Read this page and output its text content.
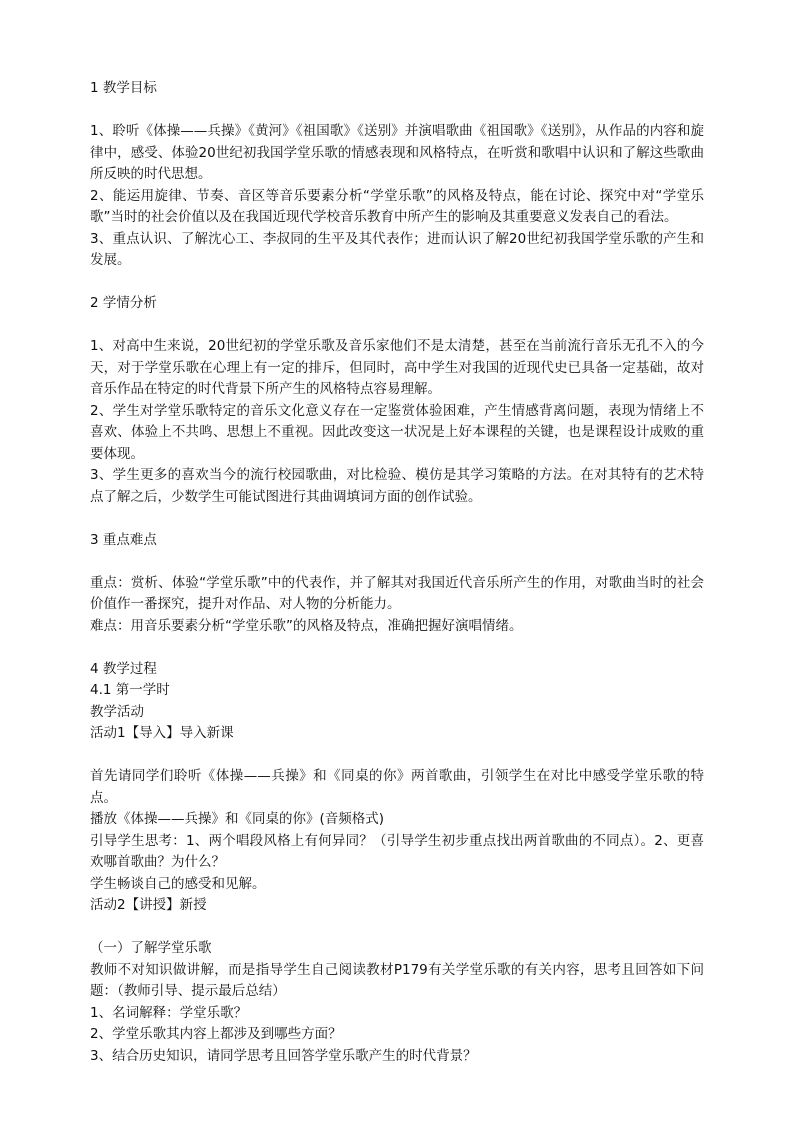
1 教学目标
1、聆听《体操——兵操》《黄河》《祖国歌》《送别》并演唱歌曲《祖国歌》《送别》，从作品的内容和旋律中，感受、体验20世纪初我国学堂乐歌的情感表现和风格特点，在听赏和歌唱中认识和了解这些歌曲所反映的时代思想。
2、能运用旋律、节奏、音区等音乐要素分析“学堂乐歌”的风格及特点，能在讨论、探究中对“学堂乐歌”当时的社会价值以及在我国近现代学校音乐教育中所产生的影响及其重要意义发表自己的看法。
3、重点认识、了解沈心工、李叔同的生平及其代表作；进而认识了解20世纪初我国学堂乐歌的产生和发展。
2 学情分析
1、对高中生来说，20世纪初的学堂乐歌及音乐家他们不是太清楚，甚至在当前流行音乐无孔不入的今天，对于学堂乐歌在心理上有一定的排斥，但同时，高中学生对我国的近现代史已具备一定基础，故对音乐作品在特定的时代背景下所产生的风格特点容易理解。
2、学生对学堂乐歌特定的音乐文化意义存在一定鉴赏体验困难，产生情感背离问题，表现为情绪上不喜欢、体验上不共鸣、思想上不重视。因此改变这一状况是上好本课程的关键，也是课程设计成败的重要体现。
3、学生更多的喜欢当今的流行校园歌曲，对比检验、模仿是其学习策略的方法。在对其特有的艺术特点了解之后，少数学生可能试图进行其曲调填词方面的创作试验。
3 重点难点
重点：赏析、体验“学堂乐歌”中的代表作，并了解其对我国近代音乐所产生的作用，对歌曲当时的社会价值作一番探究，提升对作品、对人物的分析能力。
难点：用音乐要素分析“学堂乐歌”的风格及特点，准确把握好演唱情绪。
4 教学过程
4.1 第一学时
教学活动
活动1【导入】导入新课
首先请同学们聆听《体操——兵操》和《同桌的你》两首歌曲，引领学生在对比中感受学堂乐歌的特点。
播放《体操——兵操》和《同桌的你》(音频格式)
引导学生思考：1、两个唱段风格上有何异同？（引导学生初步重点找出两首歌曲的不同点）。2、更喜欢哪首歌曲？为什么？
学生畅谈自己的感受和见解。
活动2【讲授】新授
（一）了解学堂乐歌
教师不对知识做讲解，而是指导学生自己阅读教材P179有关学堂乐歌的有关内容，思考且回答如下问题：（教师引导、提示最后总结）
1、名词解释：学堂乐歌？
2、学堂乐歌其内容上都涉及到哪些方面？
3、结合历史知识，请同学思考且回答学堂乐歌产生的时代背景？
